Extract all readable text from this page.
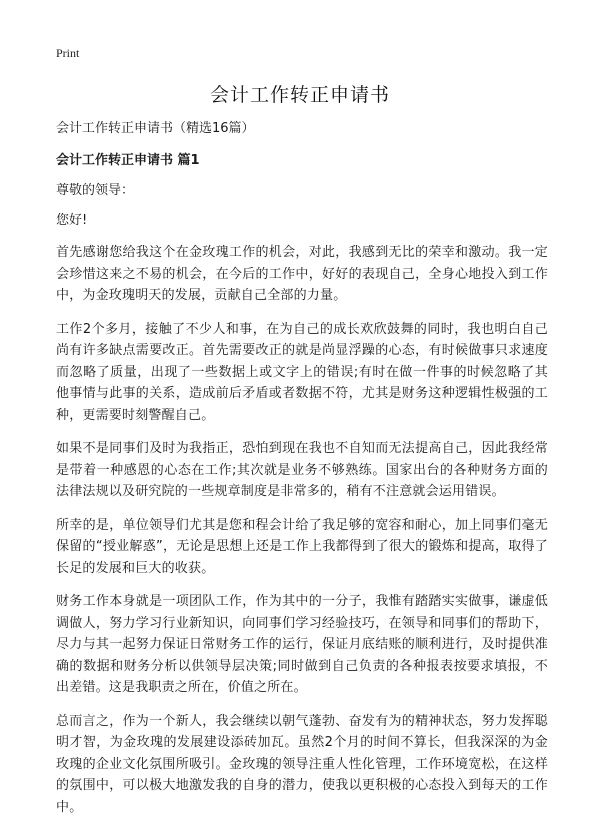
Print
会计工作转正申请书

会计工作转正申请书（精选16篇）

会计工作转正申请书 篇1

尊敬的领导：

您好!

首先感谢您给我这个在金玫瑰工作的机会，对此，我感到无比的荣幸和激动。我一定会珍惜这来之不易的机会，在今后的工作中，好好的表现自己，全身心地投入到工作中，为金玫瑰明天的发展，贡献自己全部的力量。

工作2个多月，接触了不少人和事，在为自己的成长欢欣鼓舞的同时，我也明白自己尚有许多缺点需要改正。首先需要改正的就是尚显浮躁的心态，有时候做事只求速度而忽略了质量，出现了一些数据上或文字上的错误;有时在做一件事的时候忽略了其他事情与此事的关系，造成前后矛盾或者数据不符，尤其是财务这种逻辑性极强的工种，更需要时刻警醒自己。

如果不是同事们及时为我指正，恐怕到现在我也不自知而无法提高自己，因此我经常是带着一种感恩的心态在工作;其次就是业务不够熟练。国家出台的各种财务方面的法律法规以及研究院的一些规章制度是非常多的，稍有不注意就会运用错误。

所幸的是，单位领导们尤其是您和程会计给了我足够的宽容和耐心，加上同事们毫无保留的“授业解惑”，无论是思想上还是工作上我都得到了很大的锻炼和提高，取得了长足的发展和巨大的收获。

财务工作本身就是一项团队工作，作为其中的一分子，我惟有踏踏实实做事，谦虚低调做人，努力学习行业新知识，向同事们学习经验技巧，在领导和同事们的帮助下，尽力与其一起努力保证日常财务工作的运行，保证月底结账的顺利进行，及时提供准确的数据和财务分析以供领导层决策;同时做到自己负责的各种报表按要求填报，不出差错。这是我职责之所在，价值之所在。

总而言之，作为一个新人，我会继续以朝气蓬勃、奋发有为的精神状态，努力发挥聪明才智，为金玫瑰的发展建设添砖加瓦。虽然2个月的时间不算长，但我深深的为金玫瑰的企业文化氛围所吸引。金玫瑰的领导注重人性化管理，工作环境宽松，在这样的氛围中，可以极大地激发我的自身的潜力，使我以更积极的心态投入到每天的工作中。
